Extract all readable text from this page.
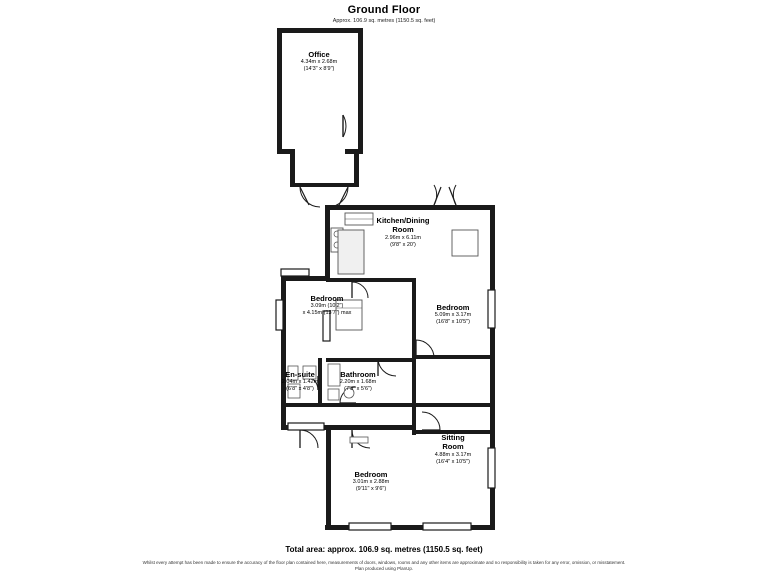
Ground Floor
Approx. 106.9 sq. metres (1150.5 sq. feet)
Office
4.34m x 2.68m
(14'3" x 8'9")
Kitchen/Dining
Room
2.96m x 6.11m
(9'8" x 20')
Bedroom
3.09m (10'2")
x 4.15m (13'7") max
Bedroom
5.09m x 3.17m
(16'8" x 10'5")
En-suite
2.04m x 1.42m
(6'8" x 4'8")
Bathroom
2.20m x 1.68m
(7'3" x 5'6")
Sitting
Room
4.88m x 3.17m
(16'4" x 10'5")
Bedroom
3.01m x 2.88m
(9'11" x 9'6")
Total area: approx. 106.9 sq. metres (1150.5 sq. feet)
Whilst every attempt has been made to ensure the accuracy of the floor plan contained here, measurements of doors, windows, rooms and any other items are approximate and no responsibility is taken for any error, omission, or misstatement.
Plan produced using PlanUp.
